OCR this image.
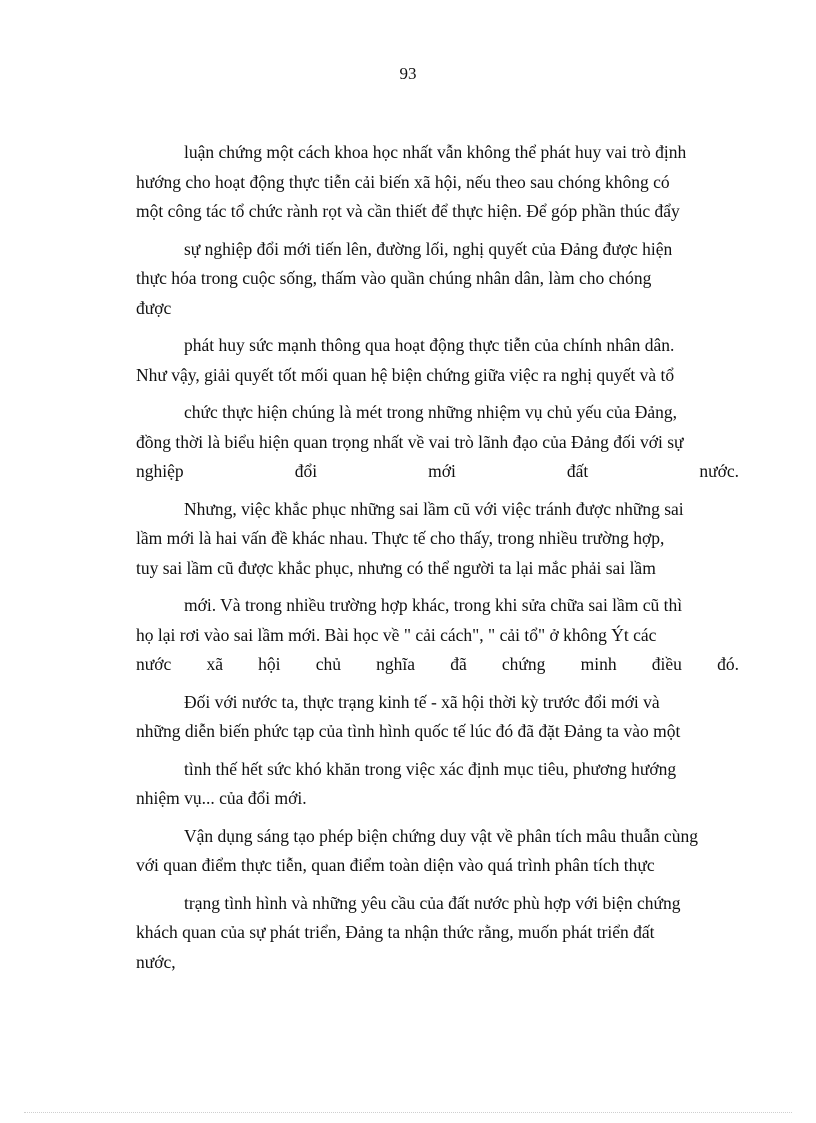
93

luận chứng một cách khoa học nhất vẫn không thể phát huy vai trò định
hướng cho hoạt động thực tiễn cải biến xã hội, nếu theo sau chóng không có
một công tác tổ chức rành rọt và cần thiết để thực hiện. Để góp phần thúc đẩy

sự nghiệp đổi mới tiến lên, đường lối, nghị quyết của Đảng được hiện
thực hóa trong cuộc sống, thấm vào quần chúng nhân dân, làm cho chóng
được

phát huy sức mạnh thông qua hoạt động thực tiễn của chính nhân dân.
Như vậy, giải quyết tốt mối quan hệ biện chứng giữa việc ra nghị quyết và tổ

chức thực hiện chúng là mét trong những nhiệm vụ chủ yếu của Đảng,
đồng thời là biểu hiện quan trọng nhất về vai trò lãnh đạo của Đảng đối với sự
nghiệp	đổi	mới	đất	nước.

Nhưng, việc khắc phục những sai lầm cũ với việc tránh được những sai
lầm mới là hai vấn đề khác nhau. Thực tế cho thấy, trong nhiều trường hợp,
tuy sai lầm cũ được khắc phục, nhưng có thể người ta lại mắc phải sai lầm

mới. Và trong nhiều trường hợp khác, trong khi sửa chữa sai lầm cũ thì
họ lại rơi vào sai lầm mới. Bài học về " cải cách", " cải tổ" ở không Ýt các
nước xã hội chủ nghĩa đã chứng minh điều đó.

Đối với nước ta, thực trạng kinh tế - xã hội thời kỳ trước đổi mới và
những diễn biến phức tạp của tình hình quốc tế lúc đó đã đặt Đảng ta vào một

tình thế hết sức khó khăn trong việc xác định mục tiêu, phương hướng
nhiệm vụ... của đổi mới.

Vận dụng sáng tạo phép biện chứng duy vật về phân tích mâu thuẫn cùng
với quan điểm thực tiễn, quan điểm toàn diện vào quá trình phân tích thực

trạng tình hình và những yêu cầu của đất nước phù hợp với biện chứng
khách quan của sự phát triển, Đảng ta nhận thức rằng, muốn phát triển đất
nước,
